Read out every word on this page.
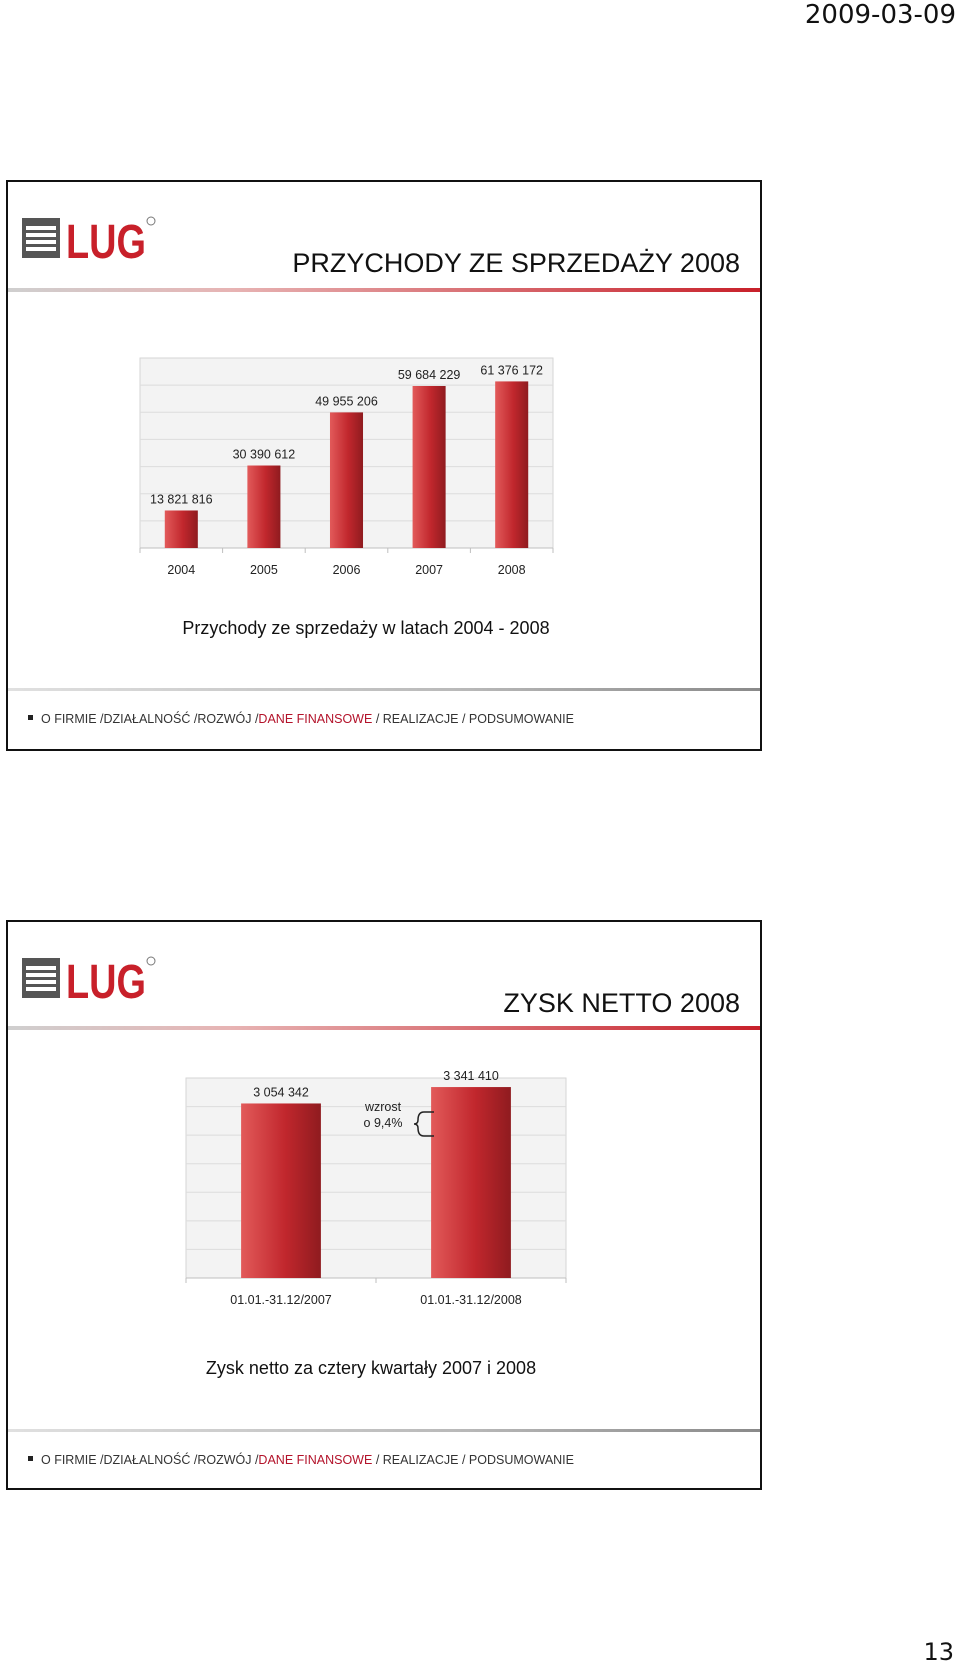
2009-03-09
LUG	PRZYCHODY ZE SPRZEDAŻY 2008
13 821 816
2004
30 390 612
2005
49 955 206
2006
59 684 229
2007
61 376 172
2008
Przychody ze sprzedaży w latach 2004 - 2008
O FIRMIE /DZIAŁALNOŚĆ /ROZWÓJ /DANE FINANSOWE / REALIZACJE / PODSUMOWANIE
LUG	ZYSK NETTO 2008
3 054 342
01.01.-31.12/2007
3 341 410
01.01.-31.12/2008
wzrost
o 9,4%
Zysk netto za cztery kwartały 2007 i 2008
O FIRMIE /DZIAŁALNOŚĆ /ROZWÓJ /DANE FINANSOWE / REALIZACJE / PODSUMOWANIE
13
